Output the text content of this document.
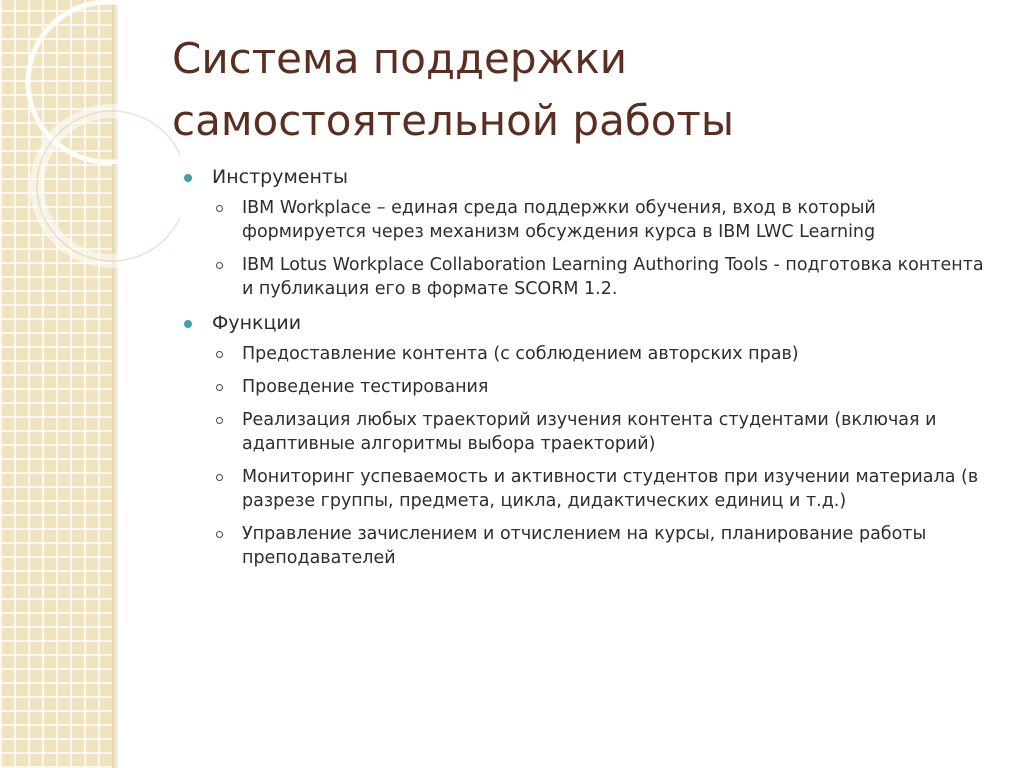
Система поддержки
самостоятельной работы
Инструменты
IBM Workplace – единая среда поддержки обучения, вход в который формируется через механизм обсуждения курса в IBM LWC Learning
IBM Lotus Workplace Collaboration Learning Authoring Tools - подготовка контента и публикация его в формате SCORM 1.2.
Функции
Предоставление контента (с соблюдением авторских прав)
Проведение тестирования
Реализация любых траекторий изучения контента студентами (включая и адаптивные алгоритмы выбора траекторий)
Мониторинг успеваемость и активности студентов при изучении материала (в разрезе группы, предмета, цикла, дидактических единиц и т.д.)
Управление зачислением и отчислением на курсы, планирование работы преподавателей
